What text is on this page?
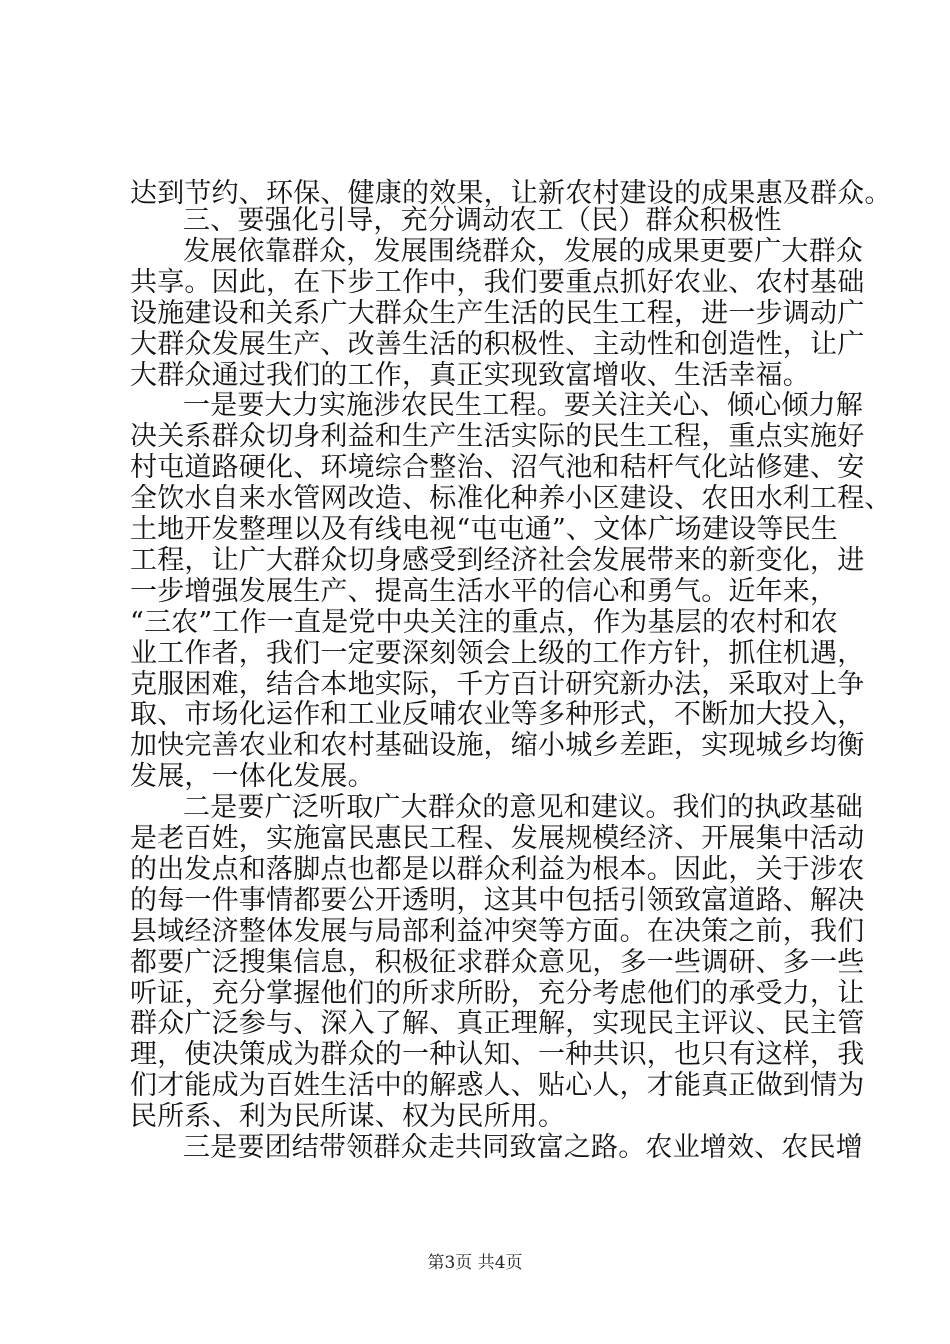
达到节约、环保、健康的效果，让新农村建设的成果惠及群众。
三、要强化引导，充分调动农工（民）群众积极性
发展依靠群众，发展围绕群众，发展的成果更要广大群众
共享。因此，在下步工作中，我们要重点抓好农业、农村基础
设施建设和关系广大群众生产生活的民生工程，进一步调动广
大群众发展生产、改善生活的积极性、主动性和创造性，让广
大群众通过我们的工作，真正实现致富增收、生活幸福。
一是要大力实施涉农民生工程。要关注关心、倾心倾力解
决关系群众切身利益和生产生活实际的民生工程，重点实施好
村屯道路硬化、环境综合整治、沼气池和秸杆气化站修建、安
全饮水自来水管网改造、标准化种养小区建设、农田水利工程、
土地开发整理以及有线电视“屯屯通”、文体广场建设等民生
工程，让广大群众切身感受到经济社会发展带来的新变化，进
一步增强发展生产、提高生活水平的信心和勇气。近年来，
“三农”工作一直是党中央关注的重点，作为基层的农村和农
业工作者，我们一定要深刻领会上级的工作方针，抓住机遇，
克服困难，结合本地实际，千方百计研究新办法，采取对上争
取、市场化运作和工业反哺农业等多种形式，不断加大投入，
加快完善农业和农村基础设施，缩小城乡差距，实现城乡均衡
发展，一体化发展。
二是要广泛听取广大群众的意见和建议。我们的执政基础
是老百姓，实施富民惠民工程、发展规模经济、开展集中活动
的出发点和落脚点也都是以群众利益为根本。因此，关于涉农
的每一件事情都要公开透明，这其中包括引领致富道路、解决
县域经济整体发展与局部利益冲突等方面。在决策之前，我们
都要广泛搜集信息，积极征求群众意见，多一些调研、多一些
听证，充分掌握他们的所求所盼，充分考虑他们的承受力，让
群众广泛参与、深入了解、真正理解，实现民主评议、民主管
理，使决策成为群众的一种认知、一种共识，也只有这样，我
们才能成为百姓生活中的解惑人、贴心人，才能真正做到情为
民所系、利为民所谋、权为民所用。
三是要团结带领群众走共同致富之路。农业增效、农民增
第3页 共4页
